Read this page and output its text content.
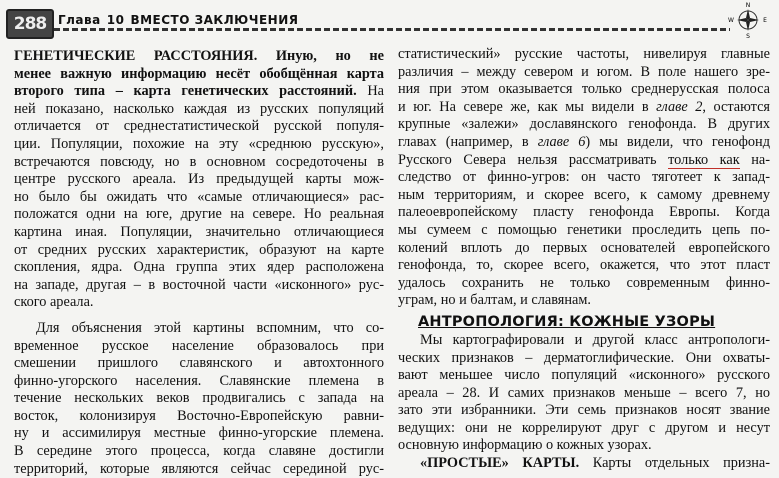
288 Глава 10 ВМЕСТО ЗАКЛЮЧЕНИЯ
N
E
S
W
ГЕНЕТИЧЕСКИЕ РАССТОЯНИЯ. Иную, но не
менее важную информацию несёт обобщённая карта
второго типа – карта генетических расстояний. На
ней показано, насколько каждая из русских популяций
отличается от среднестатистической русской популя-
ции. Популяции, похожие на эту «среднюю русскую»,
встречаются повсюду, но в основном сосредоточены в
центре русского ареала. Из предыдущей карты мож-
но было бы ожидать что «самые отличающиеся» рас-
положатся одни на юге, другие на севере. Но реальная
картина иная. Популяции, значительно отличающиеся
от средних русских характеристик, образуют на карте
скопления, ядра. Одна группа этих ядер расположена
на западе, другая – в восточной части «исконного» рус-
ского ареала.
Для объяснения этой картины вспомним, что со-
временное русское население образовалось при
смешении пришлого славянского и автохтонного
финно-угорского населения. Славянские племена в
течение нескольких веков продвигались с запада на
восток, колонизируя Восточно-Европейскую равни-
ну и ассимилируя местные финно-угорские племена.
В середине этого процесса, когда славяне достигли
территорий, которые являются сейчас серединой рус-
статистический» русские частоты, нивелируя главные
различия – между севером и югом. В поле нашего зре-
ния при этом оказывается только среднерусская полоса
и юг. На севере же, как мы видели в главе 2, остаются
крупные «залежи» дославянского генофонда. В других
главах (например, в главе 6) мы видели, что генофонд
Русского Севера нельзя рассматривать только как на-
следство от финно-угров: он часто тяготеет к запад-
ным территориям, и скорее всего, к самому древнему
палеоевропейскому пласту генофонда Европы. Когда
мы сумеем с помощью генетики проследить цепь по-
колений вплоть до первых основателей европейского
генофонда, то, скорее всего, окажется, что этот пласт
удалось сохранить не только современным финно-
уграм, но и балтам, и славянам.
АНТРОПОЛОГИЯ: КОЖНЫЕ УЗОРЫ
Мы картографировали и другой класс антропологи-
ческих признаков – дерматоглифические. Они охваты-
вают меньшее число популяций «исконного» русского
ареала – 28. И самих признаков меньше – всего 7, но
зато эти избранники. Эти семь признаков носят звание
ведущих: они не коррелируют друг с другом и несут
основную информацию о кожных узорах.
«ПРОСТЫЕ» КАРТЫ. Карты отдельных призна-
